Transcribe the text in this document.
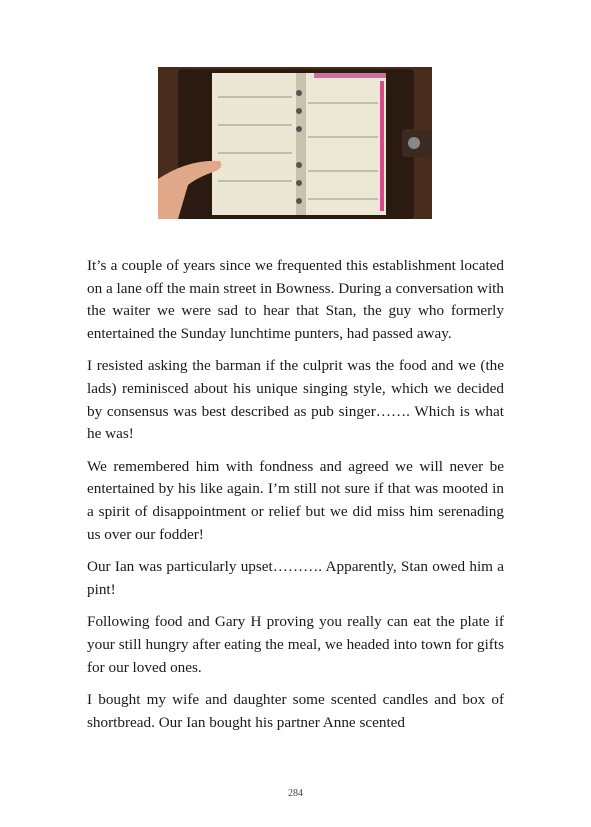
It’s a couple of years since we frequented this establishment located on a lane off the main street in Bowness. During a conversation with the waiter we were sad to hear that Stan, the guy who formerly entertained the Sunday lunchtime punters, had passed away.

I resisted asking the barman if the culprit was the food and we (the lads) reminisced about his unique singing style, which we decided by consensus was best described as pub singer……. Which is what he was!

We remembered him with fondness and agreed we will never be entertained by his like again. I’m still not sure if that was mooted in a spirit of disappointment or relief but we did miss him serenading us over our fodder!

Our Ian was particularly upset………. Apparently, Stan owed him a pint!

Following food and Gary H proving you really can eat the plate if your still hungry after eating the meal, we headed into town for gifts for our loved ones.

I bought my wife and daughter some scented candles and box of shortbread. Our Ian bought his partner Anne scented

284
